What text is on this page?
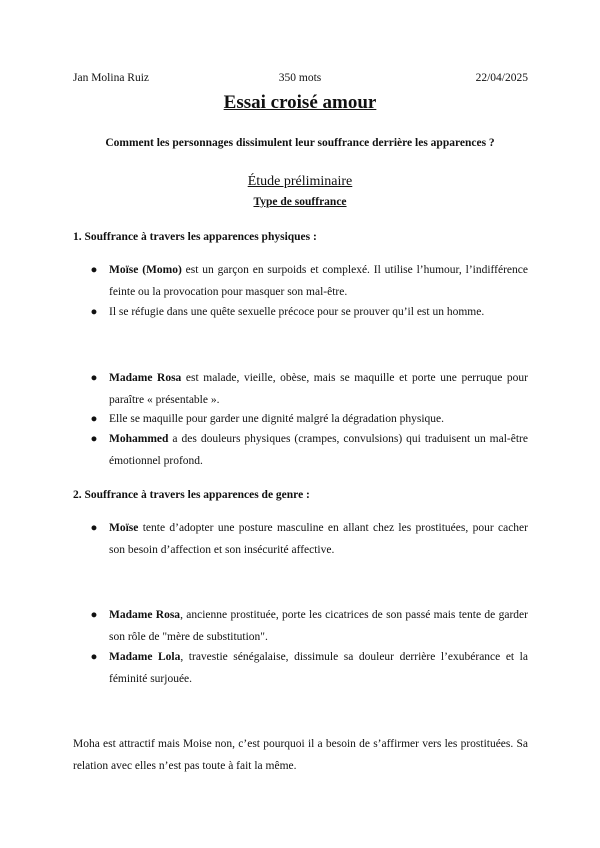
Jan Molina Ruiz	350 mots	22/04/2025
Essai croisé amour
Comment les personnages dissimulent leur souffrance derrière les apparences ?
Étude préliminaire
Type de souffrance
1. Souffrance à travers les apparences physiques :
● Moïse (Momo) est un garçon en surpoids et complexé. Il utilise l’humour, l’indifférence feinte ou la provocation pour masquer son mal-être.
● Il se réfugie dans une quête sexuelle précoce pour se prouver qu’il est un homme.
● Madame Rosa est malade, vieille, obèse, mais se maquille et porte une perruque pour paraître « présentable ».
● Elle se maquille pour garder une dignité malgré la dégradation physique.
● Mohammed a des douleurs physiques (crampes, convulsions) qui traduisent un mal-être émotionnel profond.
2. Souffrance à travers les apparences de genre :
● Moïse tente d’adopter une posture masculine en allant chez les prostituées, pour cacher son besoin d’affection et son insécurité affective.
● Madame Rosa, ancienne prostituée, porte les cicatrices de son passé mais tente de garder son rôle de "mère de substitution".
● Madame Lola, travestie sénégalaise, dissimule sa douleur derrière l’exubérance et la féminité surjouée.
Moha est attractif mais Moise non, c’est pourquoi il a besoin de s’affirmer vers les prostituées. Sa relation avec elles n’est pas toute à fait la même.
